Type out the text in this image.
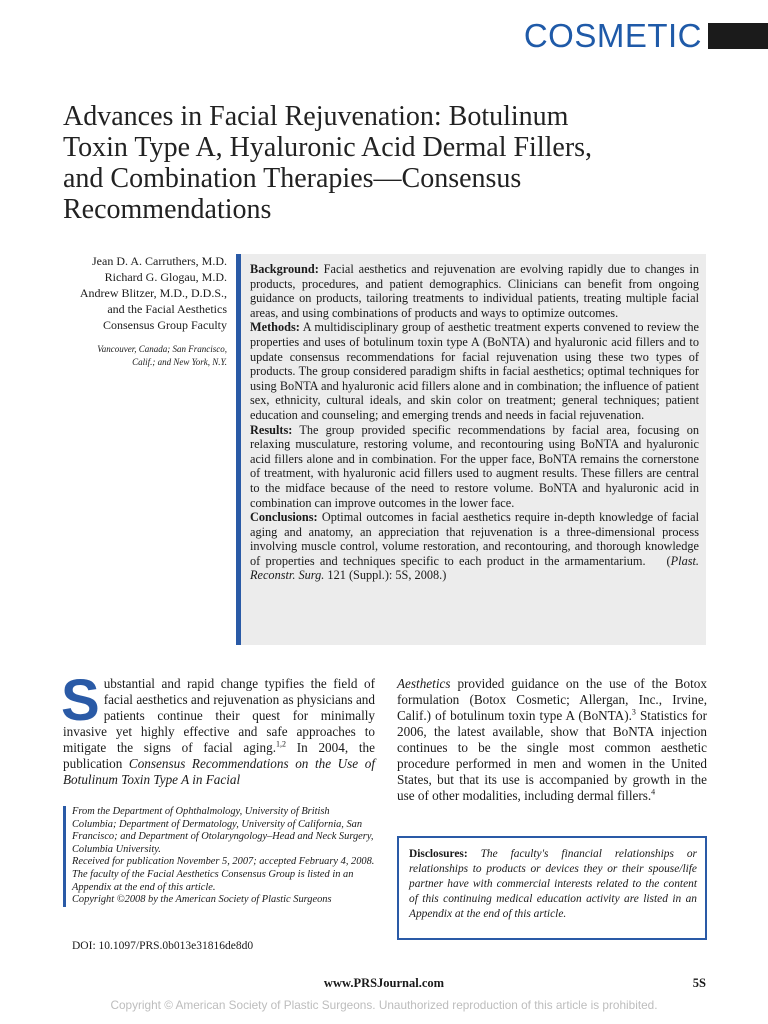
COSMETIC
Advances in Facial Rejuvenation: Botulinum
Toxin Type A, Hyaluronic Acid Dermal Fillers,
and Combination Therapies—Consensus
Recommendations
Jean D. A. Carruthers, M.D.
Richard G. Glogau, M.D.
Andrew Blitzer, M.D., D.D.S.,
and the Facial Aesthetics
Consensus Group Faculty
Vancouver, Canada; San Francisco,
Calif.; and New York, N.Y.

Background: Facial aesthetics and rejuvenation are evolving rapidly due to changes in products, procedures, and patient demographics. Clinicians can benefit from ongoing guidance on products, tailoring treatments to individual patients, treating multiple facial areas, and using combinations of products and ways to optimize outcomes.

Methods: A multidisciplinary group of aesthetic treatment experts convened to review the properties and uses of botulinum toxin type A (BoNTA) and hyaluronic acid fillers and to update consensus recommendations for facial rejuvenation using these two types of products. The group considered paradigm shifts in facial aesthetics; optimal techniques for using BoNTA and hyaluronic acid fillers alone and in combination; the influence of patient sex, ethnicity, cultural ideals, and skin color on treatment; general techniques; patient education and counseling; and emerging trends and needs in facial rejuvenation.

Results: The group provided specific recommendations by facial area, focusing on relaxing musculature, restoring volume, and recontouring using BoNTA and hyaluronic acid fillers alone and in combination. For the upper face, BoNTA remains the cornerstone of treatment, with hyaluronic acid fillers used to augment results. These fillers are central to the midface because of the need to restore volume. BoNTA and hyaluronic acid in combination can improve outcomes in the lower face.

Conclusions: Optimal outcomes in facial aesthetics require in-depth knowledge of facial aging and anatomy, an appreciation that rejuvenation is a three-dimensional process involving muscle control, volume restoration, and recontouring, and thorough knowledge of properties and techniques specific to each product in the armamentarium. (Plast. Reconstr. Surg. 121 (Suppl.): 5S, 2008.)

Substantial and rapid change typifies the field of facial aesthetics and rejuvenation as physicians and patients continue their quest for minimally invasive yet highly effective and safe approaches to mitigate the signs of facial aging.$^{1,2}$ In 2004, the publication Consensus Recommendations on the Use of Botulinum Toxin Type A in Facial

From the Department of Ophthalmology, University of British Columbia; Department of Dermatology, University of California, San Francisco; and Department of Otolaryngology–Head and Neck Surgery, Columbia University.

Received for publication November 5, 2007; accepted February 4, 2008.

The faculty of the Facial Aesthetics Consensus Group is listed in an Appendix at the end of this article.

Copyright ©2008 by the American Society of Plastic Surgeons

DOI: 10.1097/PRS.0b013e31816de8d0

Aesthetics provided guidance on the use of the Botox formulation (Botox Cosmetic; Allergan, Inc., Irvine, Calif.) of botulinum toxin type A (BoNTA).$^3$ Statistics for 2006, the latest available, show that BoNTA injection continues to be the single most common aesthetic procedure performed in men and women in the United States, but that its use is accompanied by growth in the use of other modalities, including dermal fillers.$^4$

Disclosures: The faculty's financial relationships or relationships to products or devices they or their spouse/life partner have with commercial interests related to the content of this continuing medical education activity are listed in an Appendix at the end of this article.

www.PRSJournal.com	5S
Copyright © American Society of Plastic Surgeons. Unauthorized reproduction of this article is prohibited.
